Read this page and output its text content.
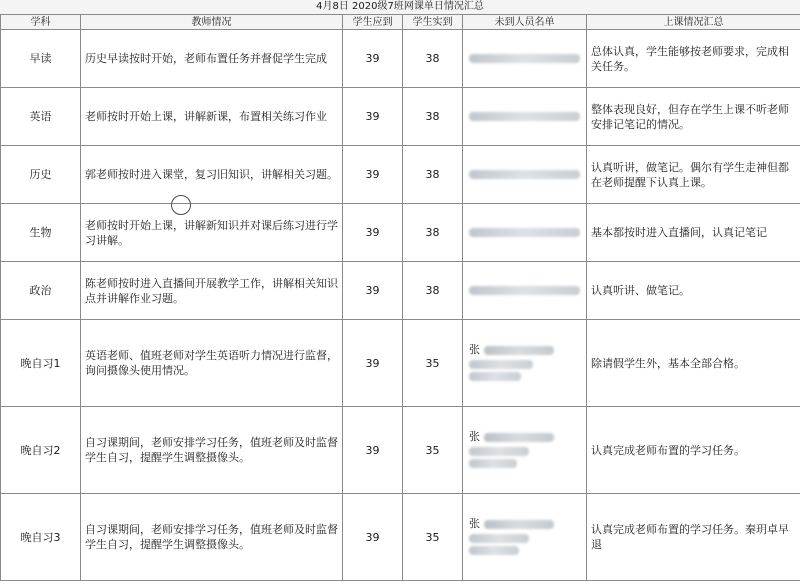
4月8日 2020级7班网课单日情况汇总
学科	教师情况	学生应到	学生实到	未到人员名单	上课情况汇总
早读	历史早读按时开始，老师布置任务并督促学生完成	39	38		总体认真，学生能够按老师要求，完成相关任务。
英语	老师按时开始上课，讲解新课，布置相关练习作业	39	38		整体表现良好，但存在学生上课不听老师安排记笔记的情况。
历史	郭老师按时进入课堂，复习旧知识，讲解相关习题。	39	38		认真听讲，做笔记。偶尔有学生走神但都在老师提醒下认真上课。
生物	老师按时开始上课，讲解新知识并对课后练习进行学习讲解。	39	38		基本都按时进入直播间，认真记笔记
政治	陈老师按时进入直播间开展教学工作，讲解相关知识点并讲解作业习题。	39	38		认真听讲、做笔记。
晚自习1	英语老师、值班老师对学生英语听力情况进行监督，询问摄像头使用情况。	39	35	张	除请假学生外，基本全部合格。
晚自习2	自习课期间，老师安排学习任务，值班老师及时监督学生自习，提醒学生调整摄像头。	39	35	张	认真完成老师布置的学习任务。
晚自习3	自习课期间，老师安排学习任务，值班老师及时监督学生自习，提醒学生调整摄像头。	39	35	张	认真完成老师布置的学习任务。秦玥卓早退
